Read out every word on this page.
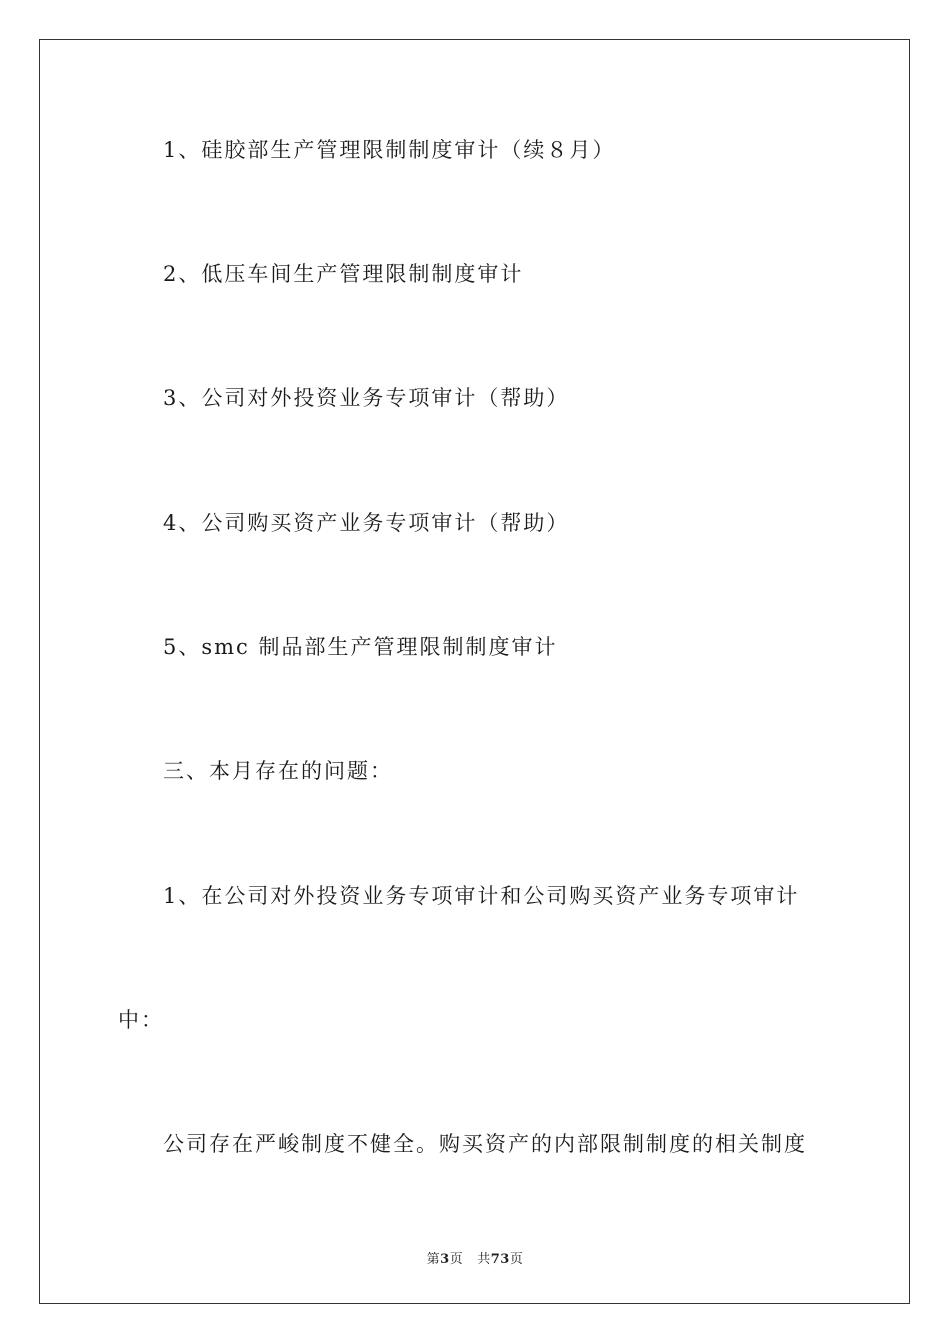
1、硅胶部生产管理限制制度审计（续８月）
2、低压车间生产管理限制制度审计
3、公司对外投资业务专项审计（帮助）
4、公司购买资产业务专项审计（帮助）
5、smc 制品部生产管理限制制度审计
三、本月存在的问题：
1、在公司对外投资业务专项审计和公司购买资产业务专项审计
中：
公司存在严峻制度不健全。购买资产的内部限制制度的相关制度
第3页 共73页
